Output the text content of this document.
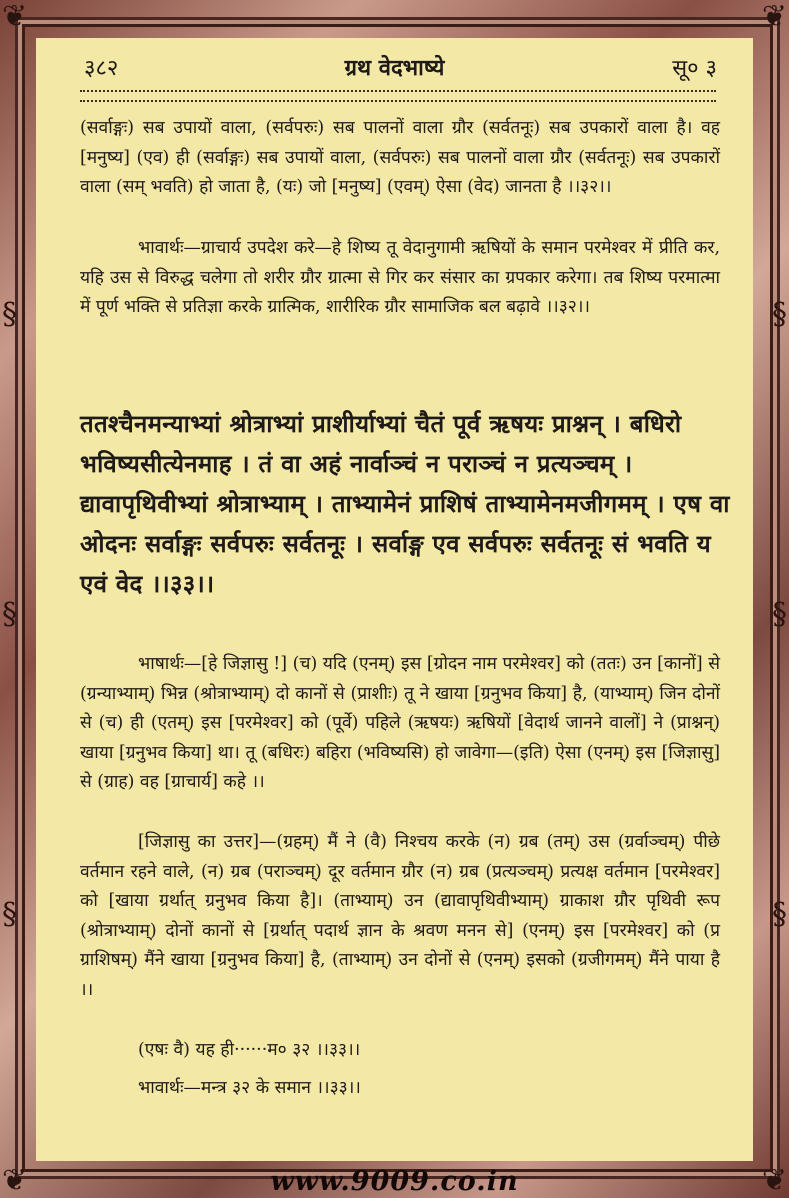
❦	❦
❦	❦
§
§
§
§
§
§
३८२	ग्रथ वेदभाष्ये	सू० ३
(सर्वाङ्गः) सब उपायों वाला, (सर्वपरुः) सब पालनों वाला ग्रौर (सर्वतनूः) सब उपकारों वाला है। वह [मनुष्य] (एव) ही (सर्वाङ्गः) सब उपायों वाला, (सर्वपरुः) सब पालनों वाला ग्रौर (सर्वतनूः) सब उपकारों वाला (सम् भवति) हो जाता है, (यः) जो [मनुष्य] (एवम्) ऐसा (वेद) जानता है ।।३२।।
भावार्थः—ग्राचार्य उपदेश करे—हे शिष्य तू वेदानुगामी ऋषियों के समान परमेश्वर में प्रीति कर, यहि उस से विरुद्ध चलेगा तो शरीर ग्रौर ग्रात्मा से गिर कर संसार का ग्रपकार करेगा। तब शिष्य परमात्मा में पूर्ण भक्ति से प्रतिज्ञा करके ग्रात्मिक, शारीरिक ग्रौर सामाजिक बल बढ़ावे ।।३२।।
ततश्चैनमन्याभ्यां श्रोत्राभ्यां प्राशीर्याभ्यां चैतं पूर्व ऋषयः प्राश्नन् । बधिरो भविष्यसीत्येनमाह । तं वा अहं नार्वाञ्चं न पराञ्चं न प्रत्यञ्चम् । द्यावापृथिवीभ्यां श्रोत्राभ्याम् । ताभ्यामेनं प्राशिषं ताभ्यामेनमजीगमम् । एष वा ओदनः सर्वाङ्गः सर्वपरुः सर्वतनूः । सर्वाङ्ग एव सर्वपरुः सर्वतनूः सं भवति य एवं वेद ।।३३।।
भाषार्थः—[हे जिज्ञासु !] (च) यदि (एनम्) इस [ग्रोदन नाम परमेश्वर] को (ततः) उन [कानों] से (ग्रन्याभ्याम्) भिन्न (श्रोत्राभ्याम्) दो कानों से (प्राशीः) तू ने खाया [ग्रनुभव किया] है, (याभ्याम्) जिन दोनों से (च) ही (एतम्) इस [परमेश्वर] को (पूर्वे) पहिले (ऋषयः) ऋषियों [वेदार्थ जानने वालों] ने (प्राश्नन्) खाया [ग्रनुभव किया] था। तू (बधिरः) बहिरा (भविष्यसि) हो जावेगा—(इति) ऐसा (एनम्) इस [जिज्ञासु] से (ग्राह) वह [ग्राचार्य] कहे ।।
[जिज्ञासु का उत्तर]—(ग्रहम्) मैं ने (वै) निश्चय करके (न) ग्रब (तम्) उस (ग्रर्वाञ्चम्) पीछे वर्तमान रहने वाले, (न) ग्रब (पराञ्चम्) दूर वर्तमान ग्रौर (न) ग्रब (प्रत्यञ्चम्) प्रत्यक्ष वर्तमान [परमेश्वर] को [खाया ग्रर्थात् ग्रनुभव किया है]। (ताभ्याम्) उन (द्यावापृथिवीभ्याम्) ग्राकाश ग्रौर पृथिवी रूप (श्रोत्राभ्याम्) दोनों कानों से [ग्रर्थात् पदार्थ ज्ञान के श्रवण मनन से] (एनम्) इस [परमेश्वर] को (प्र ग्राशिषम्) मैंने खाया [ग्रनुभव किया] है, (ताभ्याम्) उन दोनों से (एनम्) इसको (ग्रजीगमम्) मैंने पाया है ।।
(एषः वै) यह ही······म० ३२ ।।३३।।
भावार्थः—मन्त्र ३२ के समान ।।३३।।
www.9009.co.in
